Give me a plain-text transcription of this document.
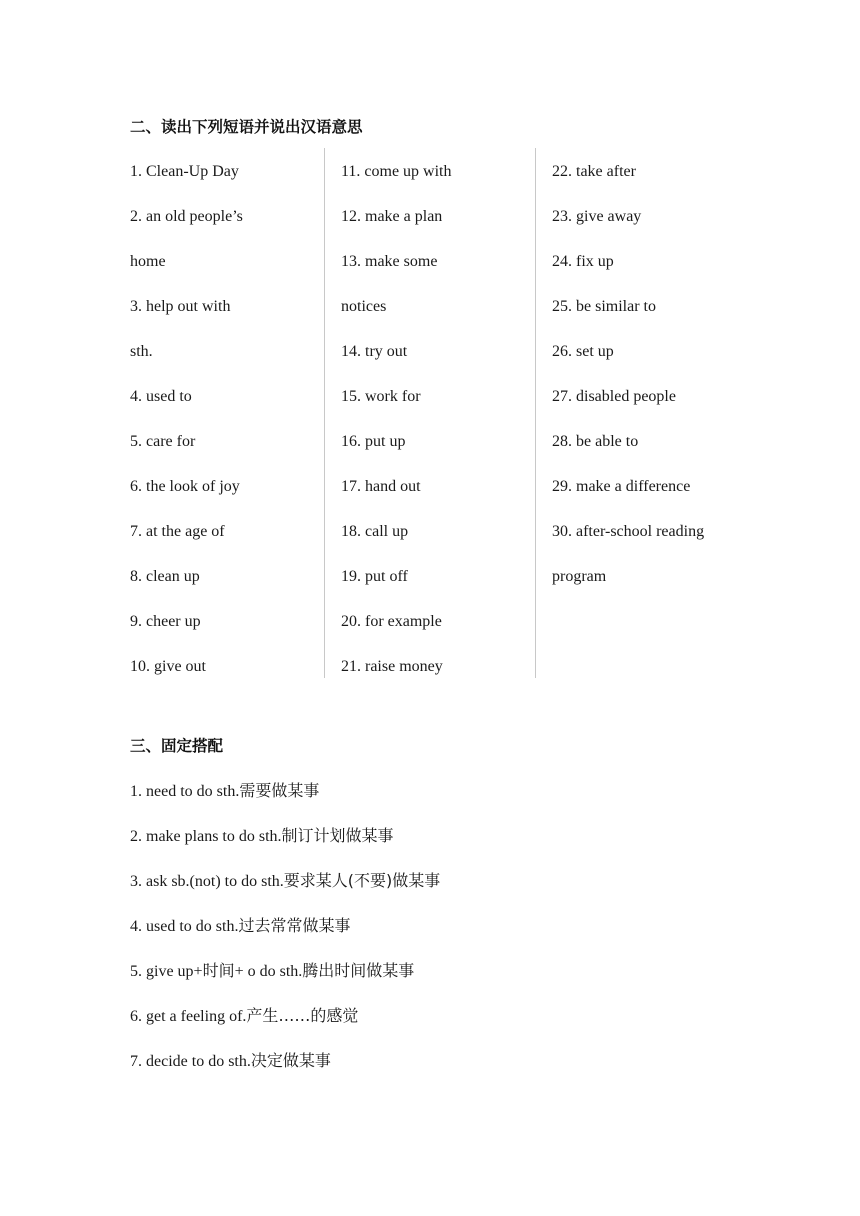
二、读出下列短语并说出汉语意思
1. Clean-Up Day
2. an old people’s
home
3. help out with
sth.
4. used to
5. care for
6. the look of joy
7. at the age of
8. clean up
9. cheer up
10. give out
11. come up with
12. make a plan
13. make some
notices
14. try out
15. work for
16. put up
17. hand out
18. call up
19. put off
20. for example
21. raise money
22. take after
23. give away
24. fix up
25. be similar to
26. set up
27. disabled people
28. be able to
29. make a difference
30. after-school reading
program
三、固定搭配
1. need to do sth.需要做某事
2. make plans to do sth.制订计划做某事
3. ask sb.(not) to do sth.要求某人(不要)做某事
4. used to do sth.过去常常做某事
5. give up+时间+ o do sth.腾出时间做某事
6. get a feeling of.产生……的感觉
7. decide to do sth.决定做某事
